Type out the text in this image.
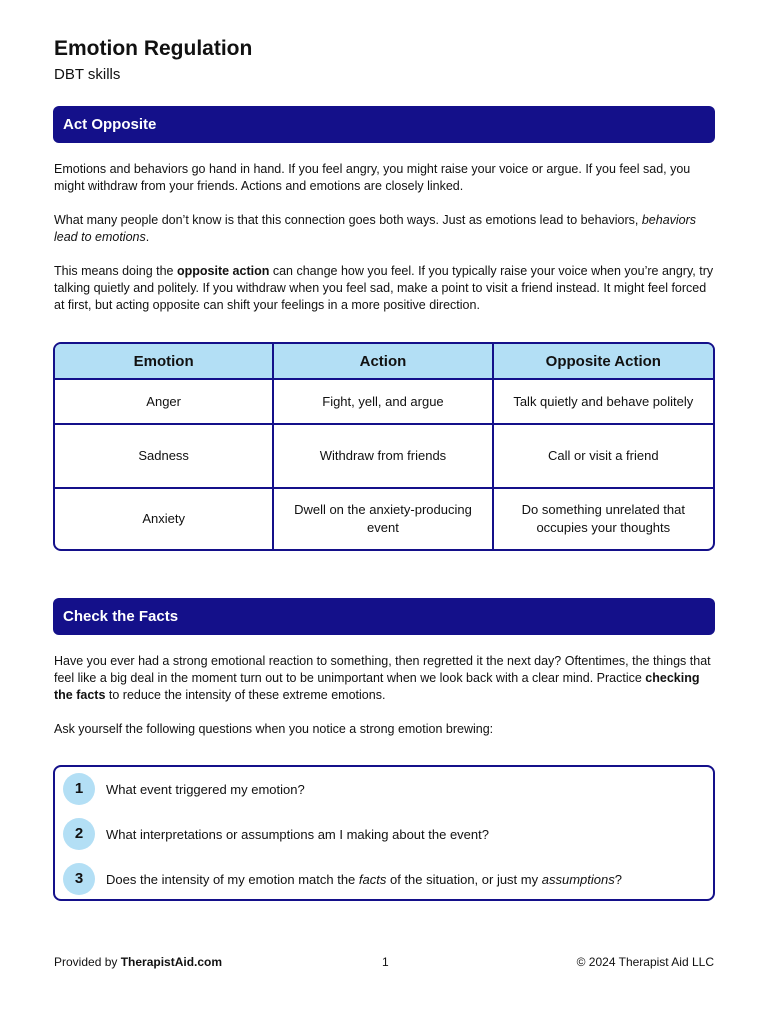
Emotion Regulation
DBT skills
Act Opposite

Emotions and behaviors go hand in hand. If you feel angry, you might raise your voice or argue. If you feel sad, you might withdraw from your friends. Actions and emotions are closely linked.

What many people don’t know is that this connection goes both ways. Just as emotions lead to behaviors, behaviors lead to emotions.

This means doing the opposite action can change how you feel. If you typically raise your voice when you’re angry, try talking quietly and politely. If you withdraw when you feel sad, make a point to visit a friend instead. It might feel forced at first, but acting opposite can shift your feelings in a more positive direction.

Emotion	Action	Opposite Action
Anger	Fight, yell, and argue	Talk quietly and behave politely
Sadness	Withdraw from friends	Call or visit a friend
Anxiety	Dwell on the anxiety-producing event	Do something unrelated that occupies your thoughts
Check the Facts

Have you ever had a strong emotional reaction to something, then regretted it the next day? Oftentimes, the things that feel like a big deal in the moment turn out to be unimportant when we look back with a clear mind. Practice checking the facts to reduce the intensity of these extreme emotions.

Ask yourself the following questions when you notice a strong emotion brewing:

1	What event triggered my emotion?
2	What interpretations or assumptions am I making about the event?
3	Does the intensity of my emotion match the facts of the situation, or just my assumptions?
Provided by TherapistAid.com	1	© 2024 Therapist Aid LLC
